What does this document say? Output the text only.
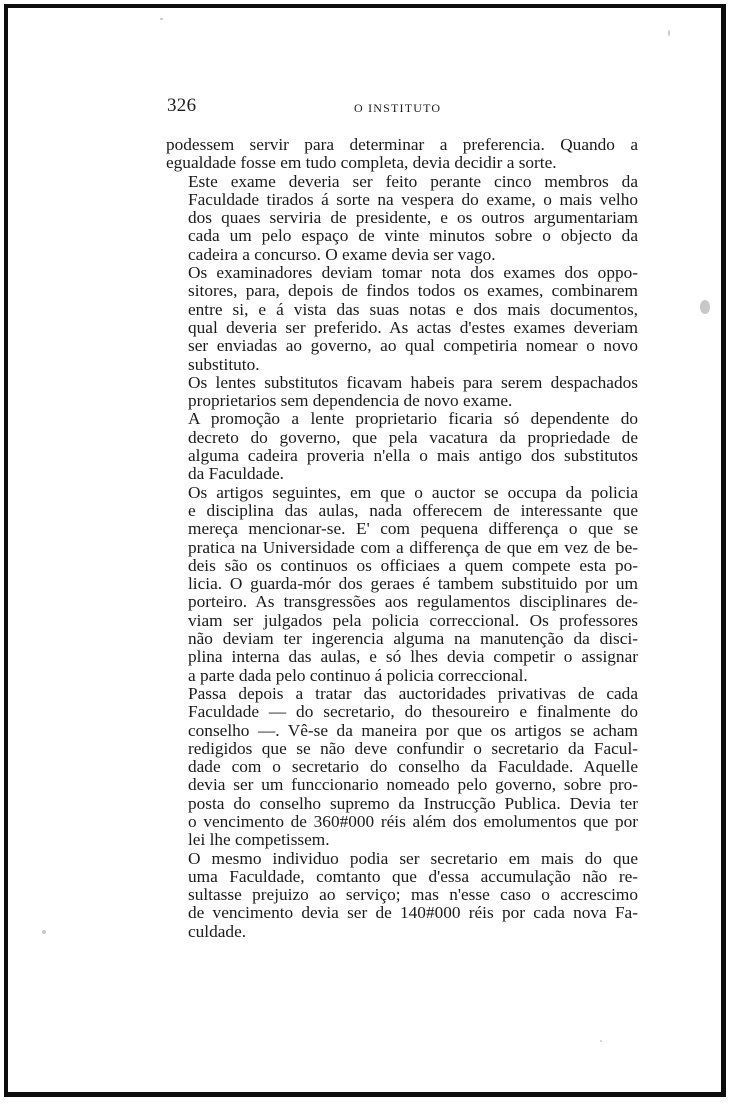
326	O INSTITUTO

podessem servir para determinar a preferencia. Quando a
egualdade fosse em tudo completa, devia decidir a sorte.

Este exame deveria ser feito perante cinco membros da
Faculdade tirados á sorte na vespera do exame, o mais velho
dos quaes serviria de presidente, e os outros argumentariam
cada um pelo espaço de vinte minutos sobre o objecto da
cadeira a concurso. O exame devia ser vago.

Os examinadores deviam tomar nota dos exames dos oppo-
sitores, para, depois de findos todos os exames, combinarem
entre si, e á vista das suas notas e dos mais documentos,
qual deveria ser preferido. As actas d'estes exames deveriam
ser enviadas ao governo, ao qual competiria nomear o novo
substituto.

Os lentes substitutos ficavam habeis para serem despachados
proprietarios sem dependencia de novo exame.

A promoção a lente proprietario ficaria só dependente do
decreto do governo, que pela vacatura da propriedade de
alguma cadeira proveria n'ella o mais antigo dos substitutos
da Faculdade.

Os artigos seguintes, em que o auctor se occupa da policia
e disciplina das aulas, nada offerecem de interessante que
mereça mencionar-se. E' com pequena differença o que se
pratica na Universidade com a differença de que em vez de be-
deis são os continuos os officiaes a quem compete esta po-
licia. O guarda-mór dos geraes é tambem substituido por um
porteiro. As transgressões aos regulamentos disciplinares de-
viam ser julgados pela policia correccional. Os professores
não deviam ter ingerencia alguma na manutenção da disci-
plina interna das aulas, e só lhes devia competir o assignar
a parte dada pelo continuo á policia correccional.

Passa depois a tratar das auctoridades privativas de cada
Faculdade — do secretario, do thesoureiro e finalmente do
conselho —. Vê-se da maneira por que os artigos se acham
redigidos que se não deve confundir o secretario da Facul-
dade com o secretario do conselho da Faculdade. Aquelle
devia ser um funccionario nomeado pelo governo, sobre pro-
posta do conselho supremo da Instrucção Publica. Devia ter
o vencimento de 360#000 réis além dos emolumentos que por
lei lhe competissem.

O mesmo individuo podia ser secretario em mais do que
uma Faculdade, comtanto que d'essa accumulação não re-
sultasse prejuizo ao serviço; mas n'esse caso o accrescimo
de vencimento devia ser de 140#000 réis por cada nova Fa-
culdade.
